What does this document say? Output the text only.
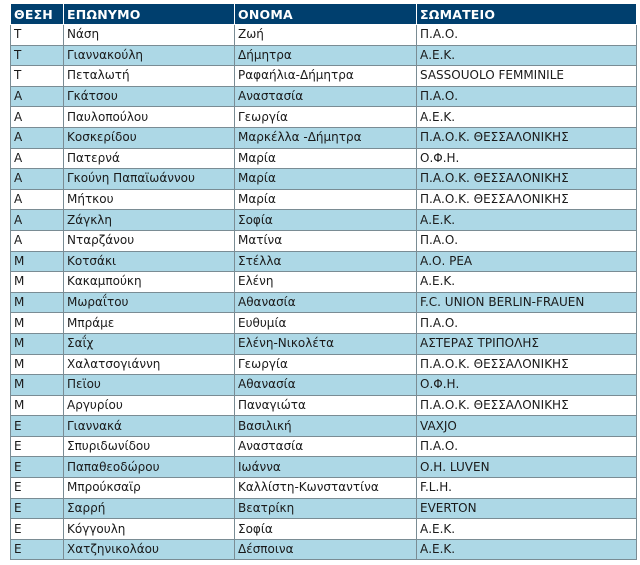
ΘΕΣΗ	ΕΠΩΝΥΜΟ	ΟΝΟΜΑ	ΣΩΜΑΤΕΙΟ
Τ	Νάση	Ζωή	Π.Α.Ο.
Τ	Γιαννακούλη	Δήμητρα	Α.Ε.Κ.
Τ	Πεταλωτή	Ραφαήλια-Δήμητρα	SASSOUOLO FEMMINILE
Α	Γκάτσου	Αναστασία	Π.Α.Ο.
Α	Παυλοπούλου	Γεωργία	Α.Ε.Κ.
Α	Κοσκερίδου	Μαρκέλλα -Δήμητρα	Π.Α.Ο.Κ. ΘΕΣΣΑΛΟΝΙΚΗΣ
Α	Πατερνά	Μαρία	Ο.Φ.Η.
Α	Γκούνη Παπαϊωάννου	Μαρία	Π.Α.Ο.Κ. ΘΕΣΣΑΛΟΝΙΚΗΣ
Α	Μήτκου	Μαρία	Π.Α.Ο.Κ. ΘΕΣΣΑΛΟΝΙΚΗΣ
Α	Ζάγκλη	Σοφία	Α.Ε.Κ.
Α	Νταρζάνου	Ματίνα	Π.Α.Ο.
Μ	Κοτσάκι	Στέλλα	Α.Ο. ΡΕΑ
Μ	Κακαμπούκη	Ελένη	Α.Ε.Κ.
Μ	Μωραΐτου	Αθανασία	F.C. UNION BERLIN-FRAUEN
Μ	Μπράμε	Ευθυμία	Π.Α.Ο.
Μ	Σαΐχ	Ελένη-Νικολέτα	ΑΣΤΕΡΑΣ ΤΡΙΠΟΛΗΣ
Μ	Χαλατσογιάννη	Γεωργία	Π.Α.Ο.Κ. ΘΕΣΣΑΛΟΝΙΚΗΣ
Μ	Πεϊου	Αθανασία	Ο.Φ.Η.
Μ	Αργυρίου	Παναγιώτα	Π.Α.Ο.Κ. ΘΕΣΣΑΛΟΝΙΚΗΣ
Ε	Γιαννακά	Βασιλική	VAXJO
Ε	Σπυριδωνίδου	Αναστασία	Π.Α.Ο.
Ε	Παπαθεοδώρου	Ιωάννα	Ο.Η. LUVEN
Ε	Μπρούκσαϊρ	Καλλίστη-Κωνσταντίνα	F.L.H.
Ε	Σαρρή	Βεατρίκη	EVERTON
Ε	Κόγγουλη	Σοφία	Α.Ε.Κ.
Ε	Χατζηνικολάου	Δέσποινα	Α.Ε.Κ.
